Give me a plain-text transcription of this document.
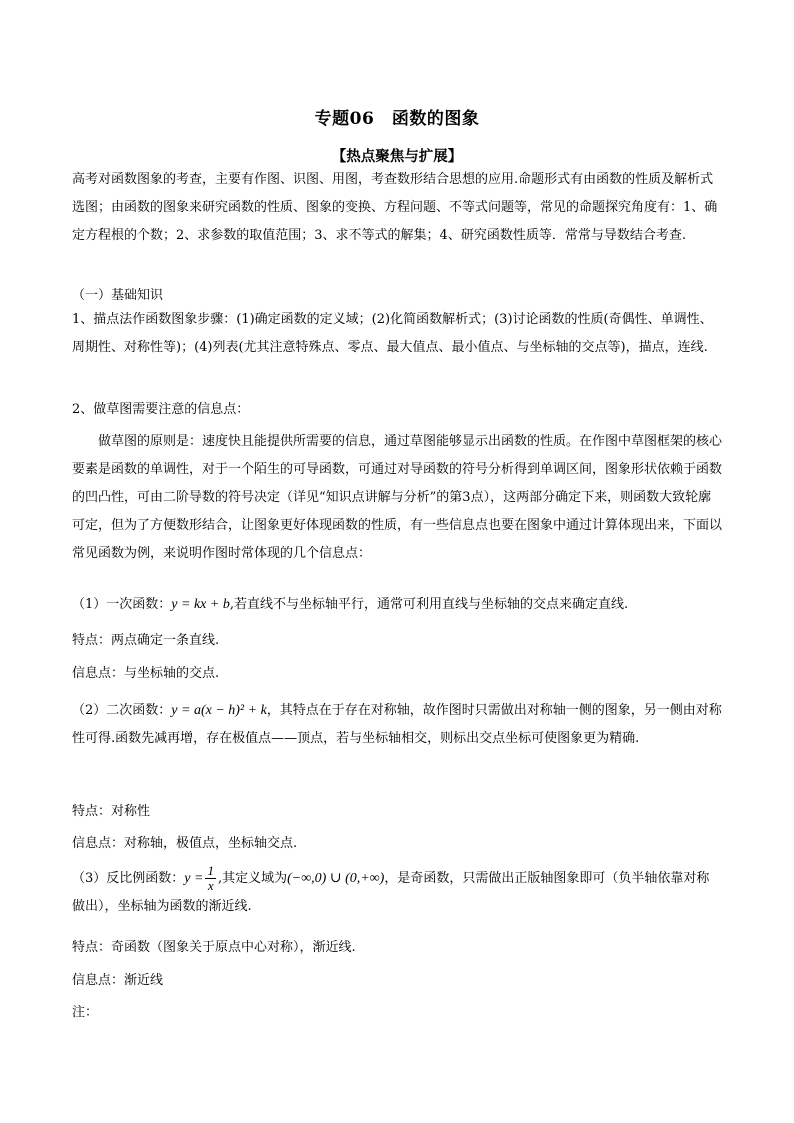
专题06　函数的图象
【热点聚焦与扩展】

高考对函数图象的考查，主要有作图、识图、用图，考查数形结合思想的应用.命题形式有由函数的性质及解析式选图；由函数的图象来研究函数的性质、图象的变换、方程问题、不等式问题等，常见的命题探究角度有：1、确定方程根的个数；2、求参数的取值范围；3、求不等式的解集；4、研究函数性质等．常常与导数结合考查.

（一）基础知识

1、描点法作函数图象步骤：(1)确定函数的定义域；(2)化简函数解析式；(3)讨论函数的性质(奇偶性、单调性、周期性、对称性等)；(4)列表(尤其注意特殊点、零点、最大值点、最小值点、与坐标轴的交点等)，描点，连线.

2、做草图需要注意的信息点：

做草图的原则是：速度快且能提供所需要的信息，通过草图能够显示出函数的性质。在作图中草图框架的核心要素是函数的单调性，对于一个陌生的可导函数，可通过对导函数的符号分析得到单调区间，图象形状依赖于函数的凹凸性，可由二阶导数的符号决定（详见“知识点讲解与分析”的第3点），这两部分确定下来，则函数大致轮廓可定，但为了方便数形结合，让图象更好体现函数的性质，有一些信息点也要在图象中通过计算体现出来，下面以常见函数为例，来说明作图时常体现的几个信息点：

（1）一次函数：y = kx + b,若直线不与坐标轴平行，通常可利用直线与坐标轴的交点来确定直线.
特点：两点确定一条直线.
信息点：与坐标轴的交点.

（2）二次函数：y = a(x − h)² + k，其特点在于存在对称轴，故作图时只需做出对称轴一侧的图象，另一侧由对称性可得.函数先减再增，存在极值点——顶点，若与坐标轴相交，则标出交点坐标可使图象更为精确.

特点：对称性
信息点：对称轴，极值点，坐标轴交点.

（3）反比例函数：$y = \frac{1}{x}$ ,其定义域为(−∞,0) ∪ (0,+∞)，是奇函数，只需做出正版轴图象即可（负半轴依靠对称做出），坐标轴为函数的渐近线.

特点：奇函数（图象关于原点中心对称），渐近线.
信息点：渐近线
注：
